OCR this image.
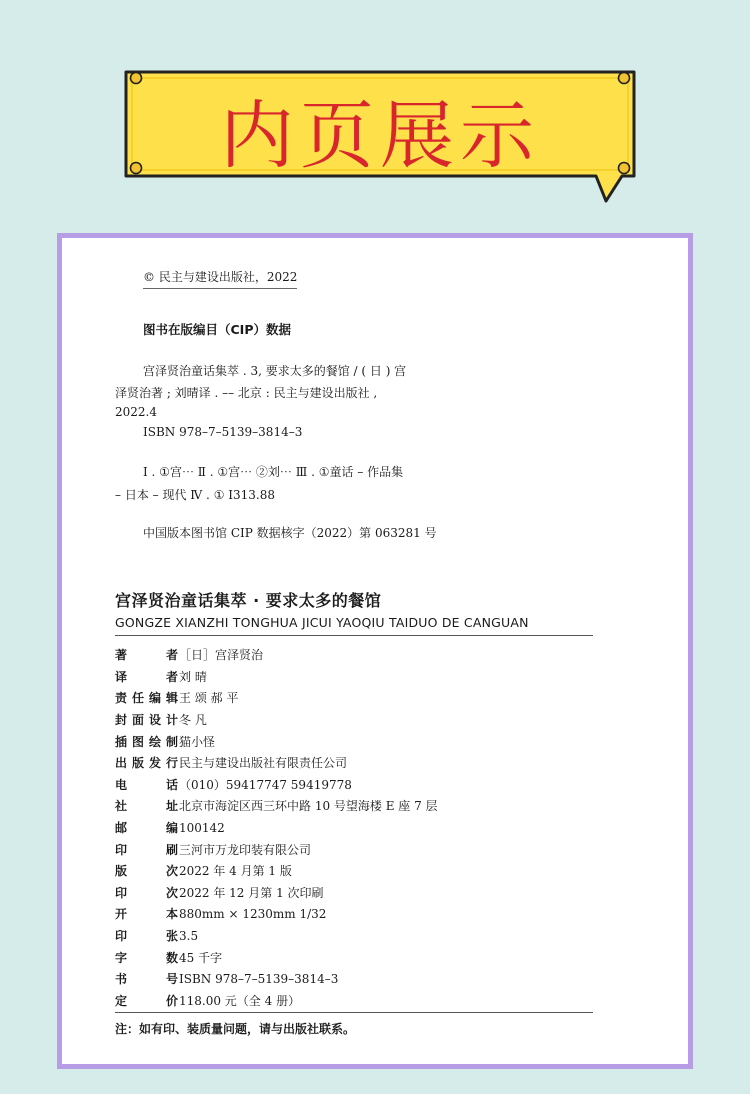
内页展示
© 民主与建设出版社，2022
图书在版编目（CIP）数据
宫泽贤治童话集萃 . 3, 要求太多的餐馆 / ( 日 ) 宫
泽贤治著 ; 刘晴译 . –– 北京 : 民主与建设出版社 ,
2022.4
ISBN 978–7–5139–3814–3
Ⅰ . ①宫⋯ Ⅱ . ①宫⋯ ②刘⋯ Ⅲ . ①童话 – 作品集
– 日本 – 现代 Ⅳ . ① I313.88
中国版本图书馆 CIP 数据核字（2022）第 063281 号
宫泽贤治童话集萃 · 要求太多的餐馆
GONGZE XIANZHI TONGHUA JICUI YAOQIU TAIDUO DE CANGUAN
著者 ［日］宫泽贤治
译者 刘 晴
责任编辑 王 颂 郝 平
封面设计 冬 凡
插图绘制 猫小怪
出版发行 民主与建设出版社有限责任公司
电话 （010）59417747 59419778
社址 北京市海淀区西三环中路 10 号望海楼 E 座 7 层
邮编 100142
印刷 三河市万龙印装有限公司
版次 2022 年 4 月第 1 版
印次 2022 年 12 月第 1 次印刷
开本 880mm × 1230mm 1/32
印张 3.5
字数 45 千字
书号 ISBN 978–7–5139–3814–3
定价 118.00 元（全 4 册）
注：如有印、装质量问题，请与出版社联系。
